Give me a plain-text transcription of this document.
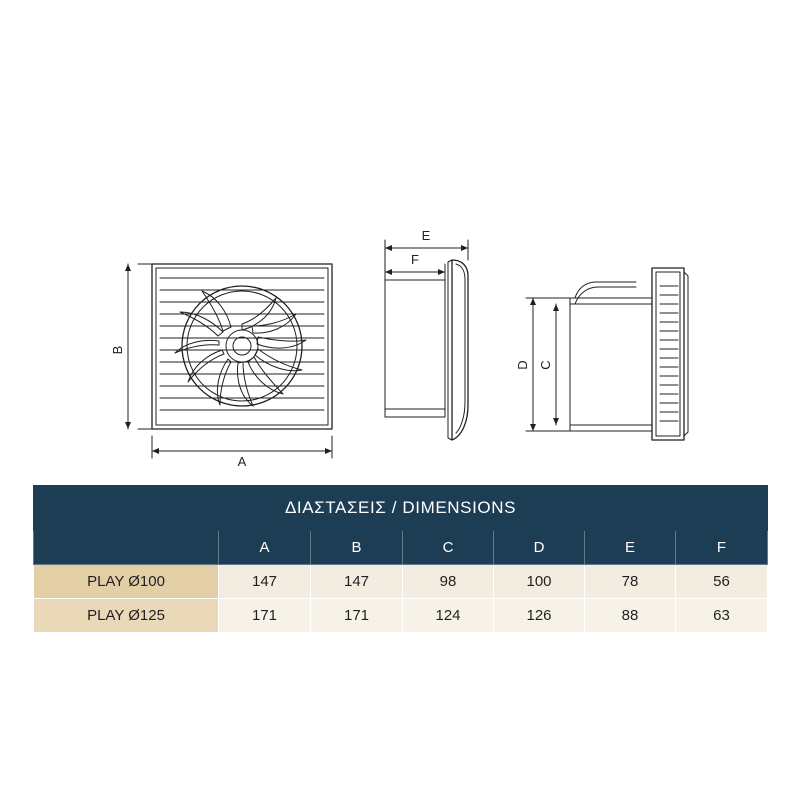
B
A
E
F
D C
ΔΙΑΣΤΑΣΕΙΣ / DIMENSIONS						
	A	B	C	D	E	F
PLAY Ø100	147	147	98	100	78	56
PLAY Ø125	171	171	124	126	88	63
